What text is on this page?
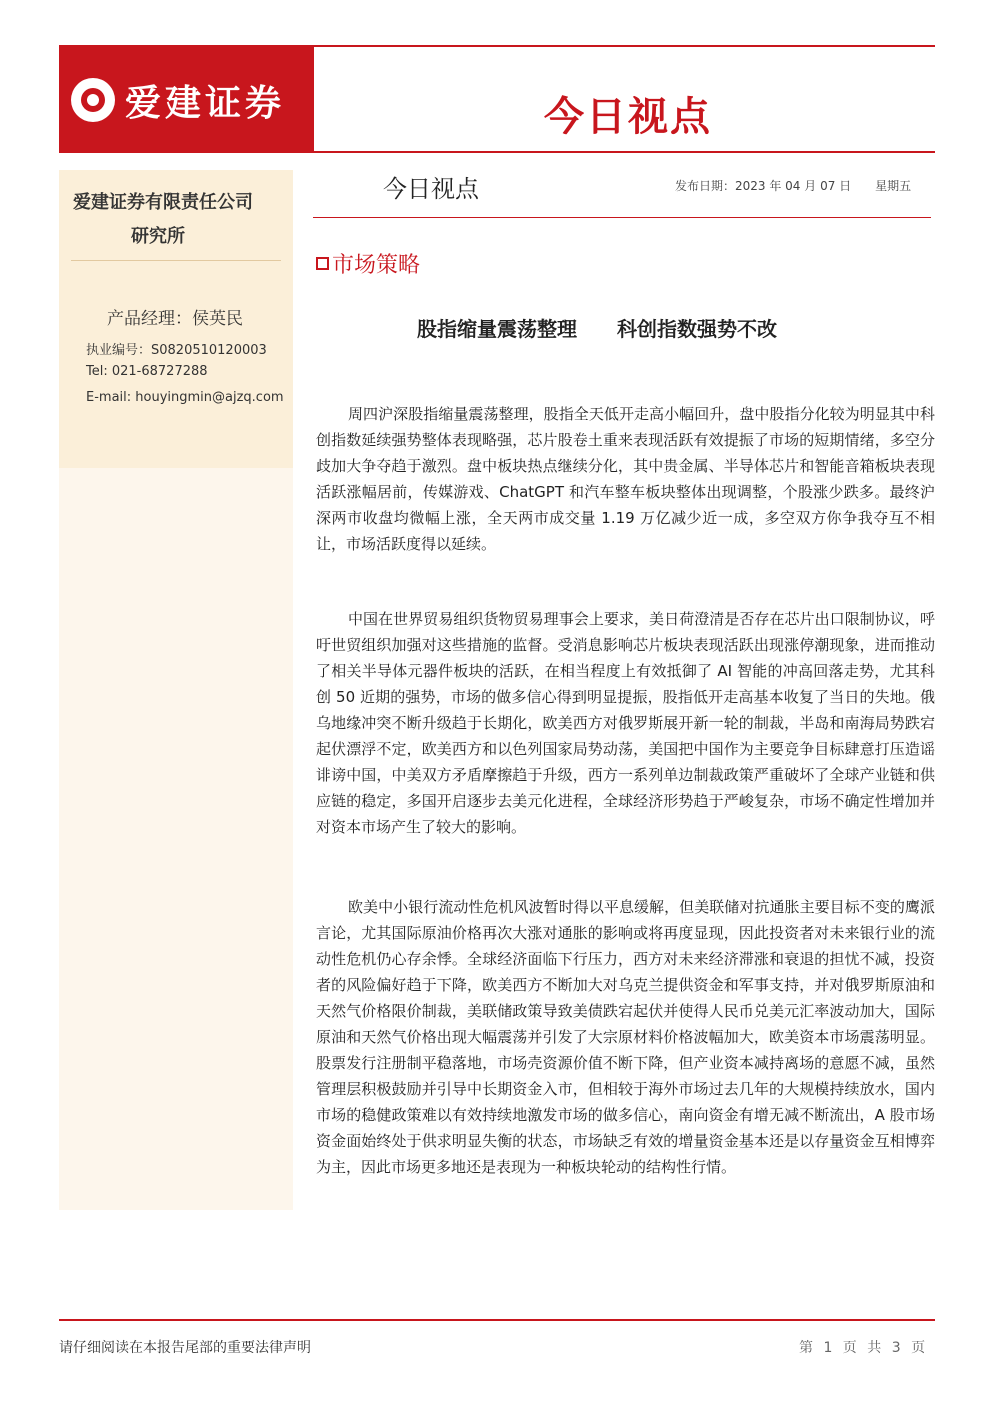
爱建证券	今日视点
爱建证券有限责任公司
研究所
产品经理：侯英民
执业编号：S0820510120003
Tel: 021-68727288
E-mail: houyingmin@ajzq.com
今日视点	发布日期：2023 年 04 月 07 日　　星期五
市场策略
股指缩量震荡整理　　科创指数强势不改

周四沪深股指缩量震荡整理，股指全天低开走高小幅回升，盘中股指分化较为明显其中科创指数延续强势整体表现略强，芯片股卷土重来表现活跃有效提振了市场的短期情绪，多空分歧加大争夺趋于激烈。盘中板块热点继续分化，其中贵金属、半导体芯片和智能音箱板块表现活跃涨幅居前，传媒游戏、ChatGPT 和汽车整车板块整体出现调整，个股涨少跌多。最终沪深两市收盘均微幅上涨，全天两市成交量 1.19 万亿减少近一成，多空双方你争我夺互不相让，市场活跃度得以延续。

中国在世界贸易组织货物贸易理事会上要求，美日荷澄清是否存在芯片出口限制协议，呼吁世贸组织加强对这些措施的监督。受消息影响芯片板块表现活跃出现涨停潮现象，进而推动了相关半导体元器件板块的活跃，在相当程度上有效抵御了 AI 智能的冲高回落走势，尤其科创 50 近期的强势，市场的做多信心得到明显提振，股指低开走高基本收复了当日的失地。俄乌地缘冲突不断升级趋于长期化，欧美西方对俄罗斯展开新一轮的制裁，半岛和南海局势跌宕起伏漂浮不定，欧美西方和以色列国家局势动荡，美国把中国作为主要竞争目标肆意打压造谣诽谤中国，中美双方矛盾摩擦趋于升级，西方一系列单边制裁政策严重破坏了全球产业链和供应链的稳定，多国开启逐步去美元化进程，全球经济形势趋于严峻复杂，市场不确定性增加并对资本市场产生了较大的影响。

欧美中小银行流动性危机风波暂时得以平息缓解，但美联储对抗通胀主要目标不变的鹰派言论，尤其国际原油价格再次大涨对通胀的影响或将再度显现，因此投资者对未来银行业的流动性危机仍心存余悸。全球经济面临下行压力，西方对未来经济滞涨和衰退的担忧不减，投资者的风险偏好趋于下降，欧美西方不断加大对乌克兰提供资金和军事支持，并对俄罗斯原油和天然气价格限价制裁，美联储政策导致美债跌宕起伏并使得人民币兑美元汇率波动加大，国际原油和天然气价格出现大幅震荡并引发了大宗原材料价格波幅加大，欧美资本市场震荡明显。股票发行注册制平稳落地，市场壳资源价值不断下降，但产业资本减持离场的意愿不减，虽然管理层积极鼓励并引导中长期资金入市，但相较于海外市场过去几年的大规模持续放水，国内市场的稳健政策难以有效持续地激发市场的做多信心，南向资金有增无减不断流出，A 股市场资金面始终处于供求明显失衡的状态，市场缺乏有效的增量资金基本还是以存量资金互相博弈为主，因此市场更多地还是表现为一种板块轮动的结构性行情。

请仔细阅读在本报告尾部的重要法律声明	第 1 页 共 3 页
